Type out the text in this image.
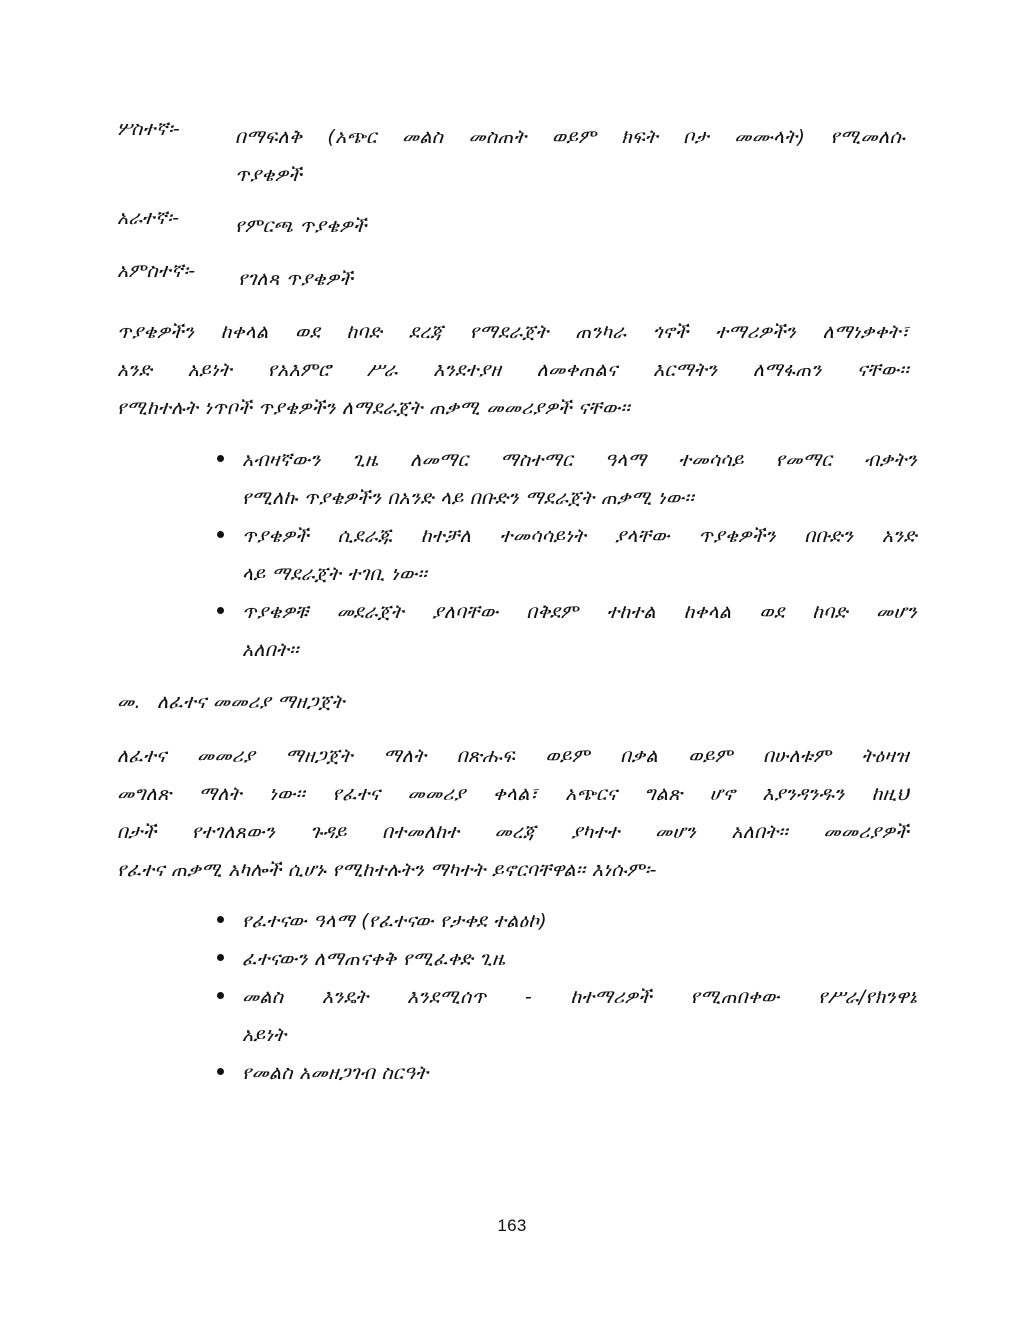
ሦስተኛ፡-	በማፍለቅ (አጭር መልስ መስጠት ወይም ክፍት ቦታ መሙላት) የሚመለሱ

ጥያቄዎች

አራተኛ፡-	የምርጫ ጥያቄዎች
አምስተኛ፡- የገለጻ ጥያቄዎች

ጥያቄዎችን ከቀላል ወደ ከባድ ደረጃ የማደራጀት ጠንካራ ጎኖች ተማሪዎችን ለማነቃቀት፣

አንድ አይነት የአእምሮ ሥራ እንደተያዘ ለመቀጠልና እርማትን ለማፋጠን ናቸው፡፡

የሚከተሉት ነጥቦች ጥያቄዎችን ለማደራጀት ጠቃሚ መመሪያዎች ናቸው፡፡

አብዛኛውን ጊዜ ለመማር ማስተማር ዓላማ ተመሳሳይ የመማር ብቃትን

የሚለኩ ጥያቄዎችን በአንድ ላይ በቡድን ማደራጀት ጠቃሚ ነው፡፡

ጥያቄዎች ሲደራጁ ከተቻለ ተመሳሳይነት ያላቸው ጥያቄዎችን በቡድን አንድ

ላይ ማደራጀት ተገቢ ነው፡፡

ጥያቄዎቹ መደራጀት ያለባቸው በቅደም ተከተል ከቀላል ወደ ከባድ መሆን

አለበት፡፡

መ. ለፈተና መመሪያ ማዘጋጀት

ለፈተና መመሪያ ማዘጋጀት ማለት በጽሑፍ ወይም በቃል ወይም በሁለቱም ትዕዛዝ

መግለጽ ማለት ነው፡፡ የፈተና መመሪያ ቀላል፣ አጭርና ግልጽ ሆኖ እያንዳንዱን ከዚህ

በታች የተገለጸውን ጉዳይ በተመለከተ መረጃ ያካተተ መሆን አለበት፡፡ መመሪያዎች

የፈተና ጠቃሚ አካሎች ሲሆኑ የሚከተሉትን ማካተት ይኖርባቸዋል፡፡ እነሱም፡-

የፈተናው ዓላማ (የፈተናው የታቀደ ተልዕኮ)

ፈተናውን ለማጠናቀቅ የሚፈቀድ ጊዜ

መልስ እንዴት እንደሚሰጥ - ከተማሪዎች የሚጠበቀው የሥራ/የክንዋኔ

አይነት

የመልስ አመዘጋገብ ስርዓት

163
